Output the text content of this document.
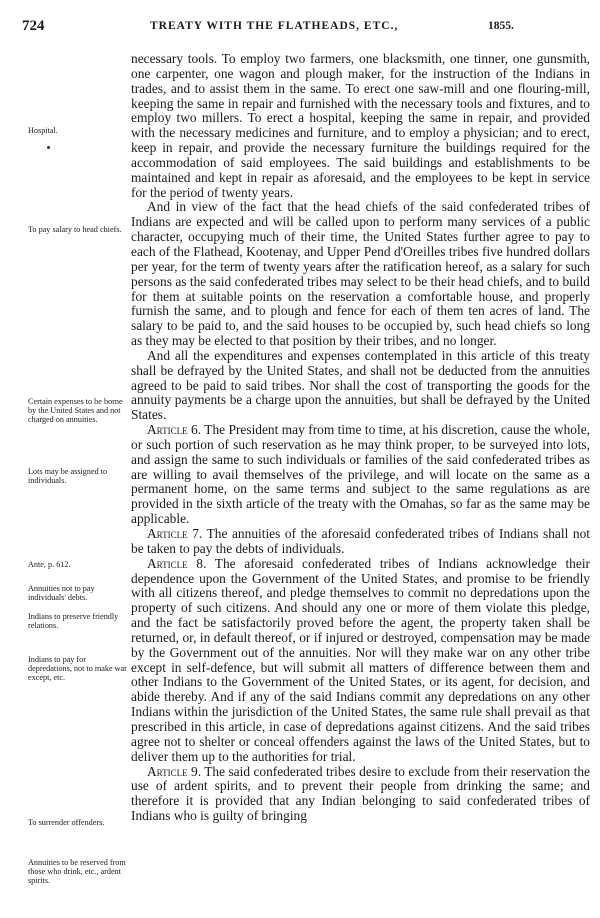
724	TREATY WITH THE FLATHEADS, ETC.,	1855.
Hospital.
To pay salary to head chiefs.
Certain expenses to be borne by the United States and not charged on annuities.
Lots may be assigned to individuals.
Ante, p. 612.
Annuities not to pay individuals' debts.
Indians to preserve friendly relations.
Indians to pay for depredations, not to make war except, etc.
To surrender offenders.
Annuities to be reserved from those who drink, etc., ardent spirits.

necessary tools. To employ two farmers, one blacksmith, one tinner, one gunsmith, one carpenter, one wagon and plough maker, for the instruction of the Indians in trades, and to assist them in the same. To erect one saw-mill and one flouring-mill, keeping the same in repair and furnished with the necessary tools and fixtures, and to employ two millers. To erect a hospital, keeping the same in repair, and provided with the necessary medicines and furniture, and to employ a physician; and to erect, keep in repair, and provide the necessary furniture the buildings required for the accommodation of said employees. The said buildings and establishments to be maintained and kept in repair as aforesaid, and the employees to be kept in service for the period of twenty years.

And in view of the fact that the head chiefs of the said confederated tribes of Indians are expected and will be called upon to perform many services of a public character, occupying much of their time, the United States further agree to pay to each of the Flathead, Kootenay, and Upper Pend d'Oreilles tribes five hundred dollars per year, for the term of twenty years after the ratification hereof, as a salary for such persons as the said confederated tribes may select to be their head chiefs, and to build for them at suitable points on the reservation a comfortable house, and properly furnish the same, and to plough and fence for each of them ten acres of land. The salary to be paid to, and the said houses to be occupied by, such head chiefs so long as they may be elected to that position by their tribes, and no longer.

And all the expenditures and expenses contemplated in this article of this treaty shall be defrayed by the United States, and shall not be deducted from the annuities agreed to be paid to said tribes. Nor shall the cost of transporting the goods for the annuity payments be a charge upon the annuities, but shall be defrayed by the United States.

Article 6. The President may from time to time, at his discretion, cause the whole, or such portion of such reservation as he may think proper, to be surveyed into lots, and assign the same to such individuals or families of the said confederated tribes as are willing to avail themselves of the privilege, and will locate on the same as a permanent home, on the same terms and subject to the same regulations as are provided in the sixth article of the treaty with the Omahas, so far as the same may be applicable.

Article 7. The annuities of the aforesaid confederated tribes of Indians shall not be taken to pay the debts of individuals.

Article 8. The aforesaid confederated tribes of Indians acknowledge their dependence upon the Government of the United States, and promise to be friendly with all citizens thereof, and pledge themselves to commit no depredations upon the property of such citizens. And should any one or more of them violate this pledge, and the fact be satisfactorily proved before the agent, the property taken shall be returned, or, in default thereof, or if injured or destroyed, compensation may be made by the Government out of the annuities. Nor will they make war on any other tribe except in self-defence, but will submit all matters of difference between them and other Indians to the Government of the United States, or its agent, for decision, and abide thereby. And if any of the said Indians commit any depredations on any other Indians within the jurisdiction of the United States, the same rule shall prevail as that prescribed in this article, in case of depredations against citizens. And the said tribes agree not to shelter or conceal offenders against the laws of the United States, but to deliver them up to the authorities for trial.

Article 9. The said confederated tribes desire to exclude from their reservation the use of ardent spirits, and to prevent their people from drinking the same; and therefore it is provided that any Indian belonging to said confederated tribes of Indians who is guilty of bringing
